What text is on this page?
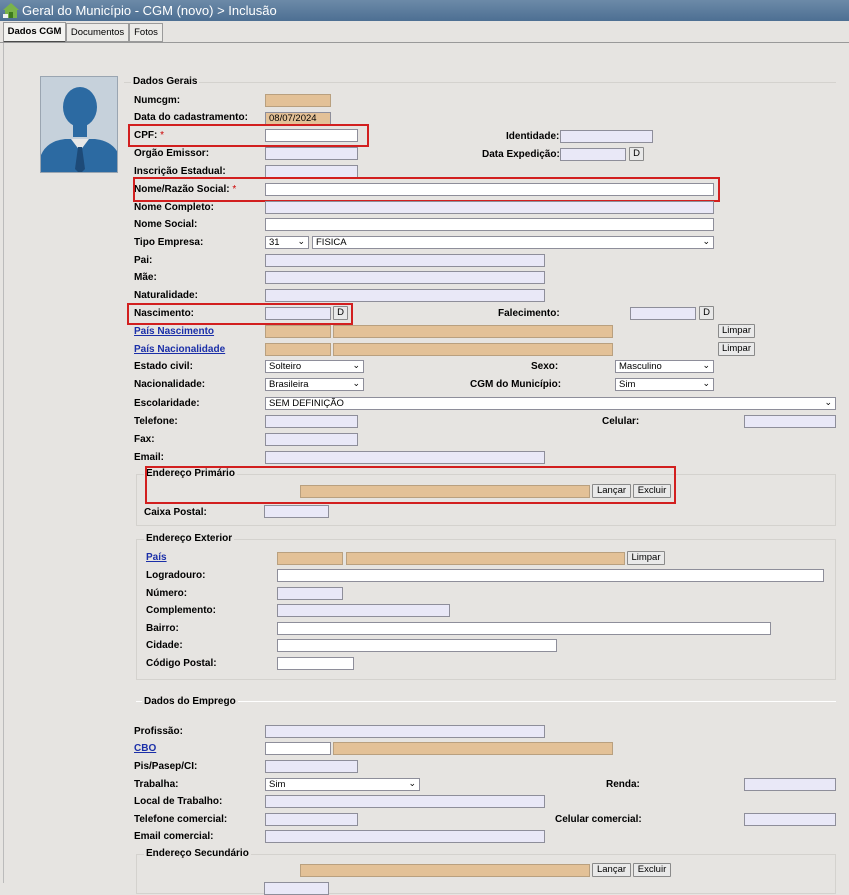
Geral do Município - CGM (novo) > Inclusão
Dados CGM Documentos	Fotos
Dados Gerais
Numcgm:
Data do cadastramento:	08/07/2024
CPF: *	Identidade:
Orgão Emissor:	Data Expedição:	D
Inscrição Estadual:
Nome/Razão Social: *
Nome Completo:
Nome Social:
Tipo Empresa:	31 ⌄	FISICA	⌄
Pai:
Mãe:
Naturalidade:
Nascimento:	D	Falecimento:	D
País Nascimento	Limpar
País Nacionalidade	Limpar
Estado civil:	Solteiro	⌄	Sexo:	Masculino	⌄
Nacionalidade:	Brasileira	⌄	CGM do Município:	Sim	⌄
Escolaridade:	SEM DEFINIÇÃO	⌄
Telefone:	Celular:
Fax:
Email:
Endereço Primário
Lançar	Excluir
Caixa Postal:
Endereço Exterior
País	Limpar
Logradouro:
Número:
Complemento:
Bairro:
Cidade:
Código Postal:
Dados do Emprego
Profissão:
CBO
Pis/Pasep/CI:
Trabalha:	Sim	⌄	Renda:
Local de Trabalho:
Telefone comercial:	Celular comercial:
Email comercial:
Endereço Secundário
Lançar	Excluir
